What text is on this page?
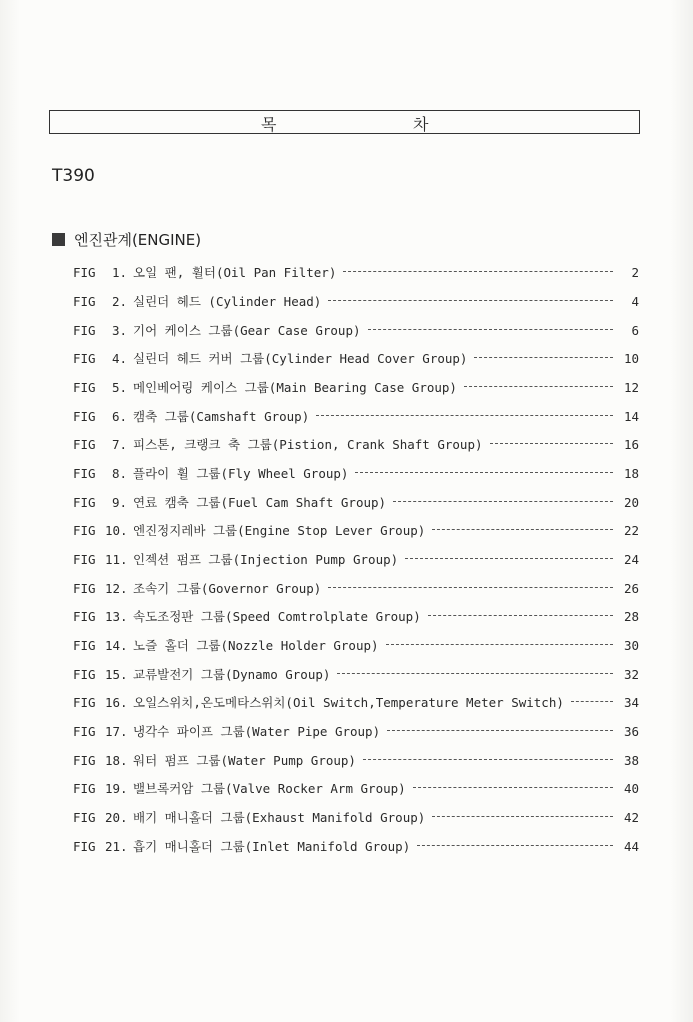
목	차
T390
엔진관계(ENGINE)
FIG	1. 오일 팬, 휠터(Oil Pan Filter)	2
FIG	2. 실린더 헤드 (Cylinder Head)	4
FIG	3. 기어 케이스 그룹(Gear Case Group)	6
FIG	4. 실린더 헤드 커버 그룹(Cylinder Head Cover Group)	10
FIG	5. 메인베어링 케이스 그룹(Main Bearing Case Group)	12
FIG	6. 캠축 그룹(Camshaft Group)	14
FIG	7. 피스톤, 크랭크 축 그룹(Pistion, Crank Shaft Group)	16
FIG	8. 플라이 휠 그룹(Fly Wheel Group)	18
FIG	9. 연료 캠축 그룹(Fuel Cam Shaft Group)	20
FIG 10. 엔진정지레바 그룹(Engine Stop Lever Group)	22
FIG 11. 인젝션 펌프 그룹(Injection Pump Group)	24
FIG 12. 조속기 그룹(Governor Group)	26
FIG 13. 속도조정판 그룹(Speed Comtrolplate Group)	28
FIG 14. 노즐 홀더 그룹(Nozzle Holder Group)	30
FIG 15. 교류발전기 그룹(Dynamo Group)	32
FIG 16. 오일스위치,온도메타스위치(Oil Switch,Temperature Meter Switch)	34
FIG 17. 냉각수 파이프 그룹(Water Pipe Group)	36
FIG 18. 워터 펌프 그룹(Water Pump Group)	38
FIG 19. 밸브록커암 그룹(Valve Rocker Arm Group)	40
FIG 20. 배기 매니홀더 그룹(Exhaust Manifold Group)	42
FIG 21. 흡기 매니홀더 그룹(Inlet Manifold Group)	44
